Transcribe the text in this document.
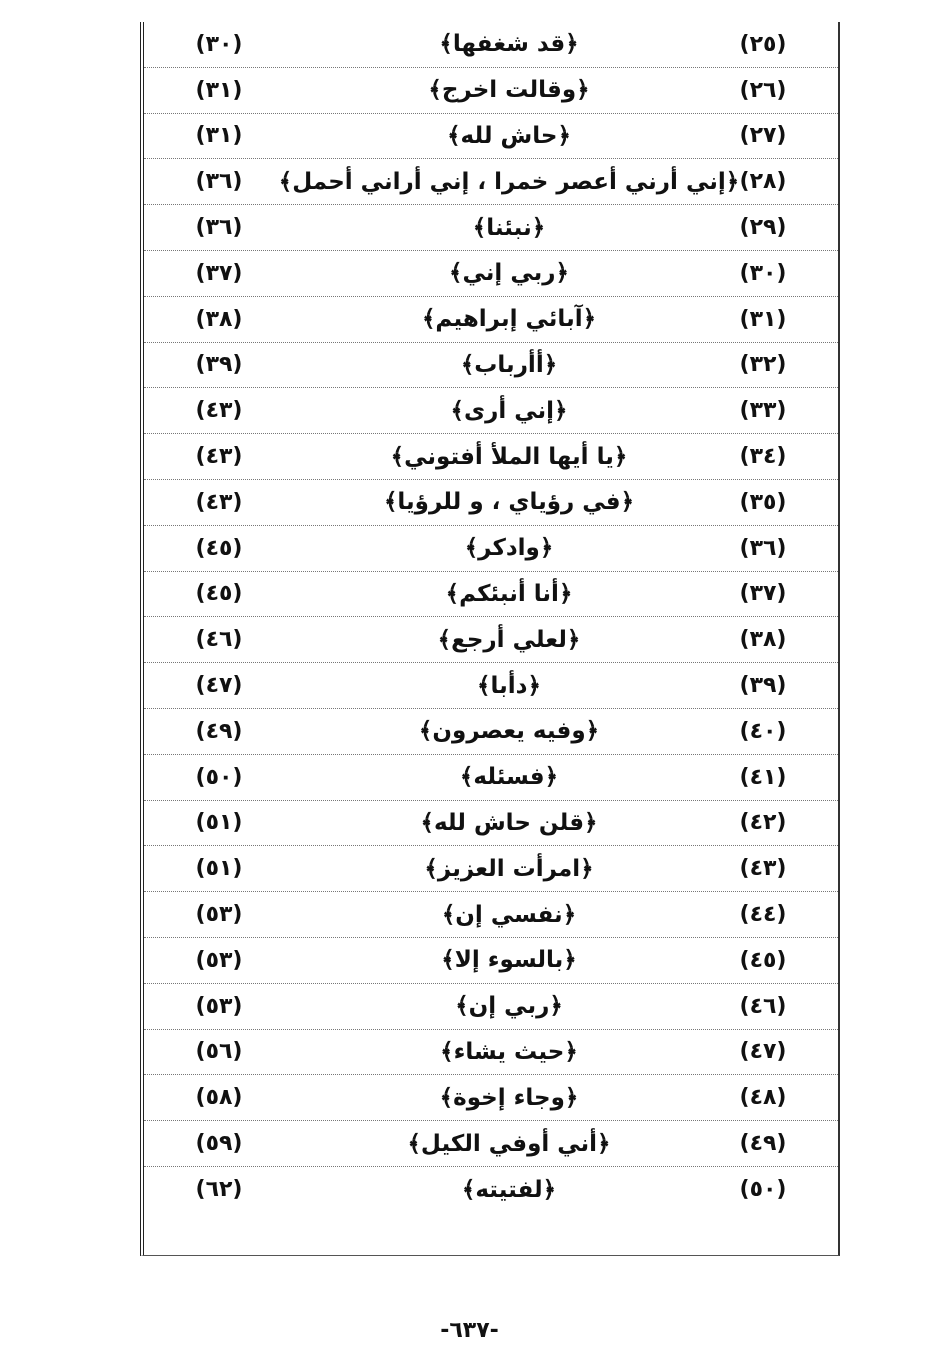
(٣٠)	﴿قد شغفها﴾	(٢٥)
(٣١)	﴿وقالت اخرج﴾	(٢٦)
(٣١)	﴿حاش لله﴾	(٢٧)
(٣٦)	﴿إني أرني أعصر خمرا ، إني أراني أحمل﴾ (٢٨)
(٣٦)	﴿نبئنا﴾	(٢٩)
(٣٧)	﴿ربي إني﴾	(٣٠)
(٣٨)	﴿آبائي إبراهيم﴾	(٣١)
(٣٩)	﴿أأرباب﴾	(٣٢)
(٤٣)	﴿إني أرى﴾	(٣٣)
(٤٣)	﴿يا أيها الملأ أفتوني﴾	(٣٤)
(٤٣)	﴿في رؤياي ، و للرؤيا﴾	(٣٥)
(٤٥)	﴿وادكر﴾	(٣٦)
(٤٥)	﴿أنا أنبئكم﴾	(٣٧)
(٤٦)	﴿لعلي أرجع﴾	(٣٨)
(٤٧)	﴿دأبا﴾	(٣٩)
(٤٩)	﴿وفيه يعصرون﴾	(٤٠)
(٥٠)	﴿فسئله﴾	(٤١)
(٥١)	﴿قلن حاش لله﴾	(٤٢)
(٥١)	﴿امرأت العزيز﴾	(٤٣)
(٥٣)	﴿نفسي إن﴾	(٤٤)
(٥٣)	﴿بالسوء إلا﴾	(٤٥)
(٥٣)	﴿ربي إن﴾	(٤٦)
(٥٦)	﴿حيث يشاء﴾	(٤٧)
(٥٨)	﴿وجاء إخوة﴾	(٤٨)
(٥٩)	﴿أني أوفي الكيل﴾	(٤٩)
(٦٢)	﴿لفتيته﴾	(٥٠)
-٦٣٧-
